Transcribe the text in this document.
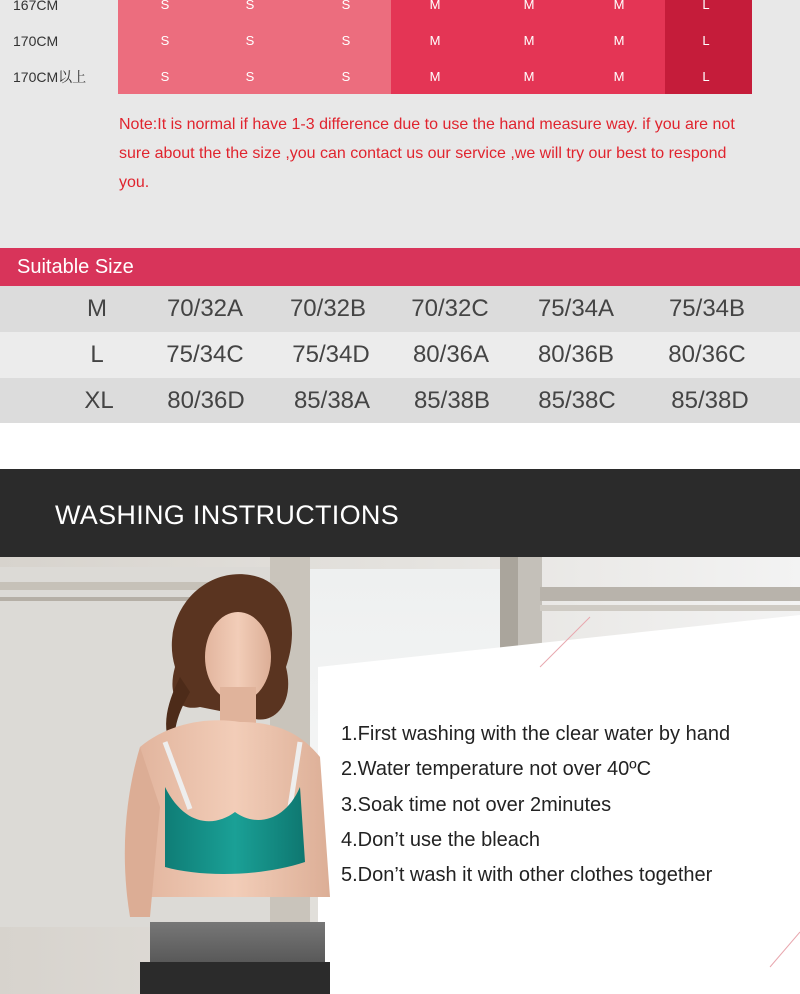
167CM	S	S	S	M	M	M	L
170CM	S	S	S	M	M	M	L
170CM以上	S	S	S	M	M	M	L

Note:It is normal if have 1-3 difference due to use the hand measure way. if you are not sure about the the size ,you can contact us our service ,we will try our best to respond you.

Suitable Size
M	70/32A	70/32B	70/32C	75/34A	75/34B
L	75/34C	75/34D	80/36A	80/36B	80/36C
XL	80/36D	85/38A	85/38B	85/38C	85/38D
WASHING INSTRUCTIONS
1.First washing with the clear water by hand
2.Water temperature not over 40ºC
3.Soak time not over 2minutes
4.Don’t use the bleach
5.Don’t wash it with other clothes together
